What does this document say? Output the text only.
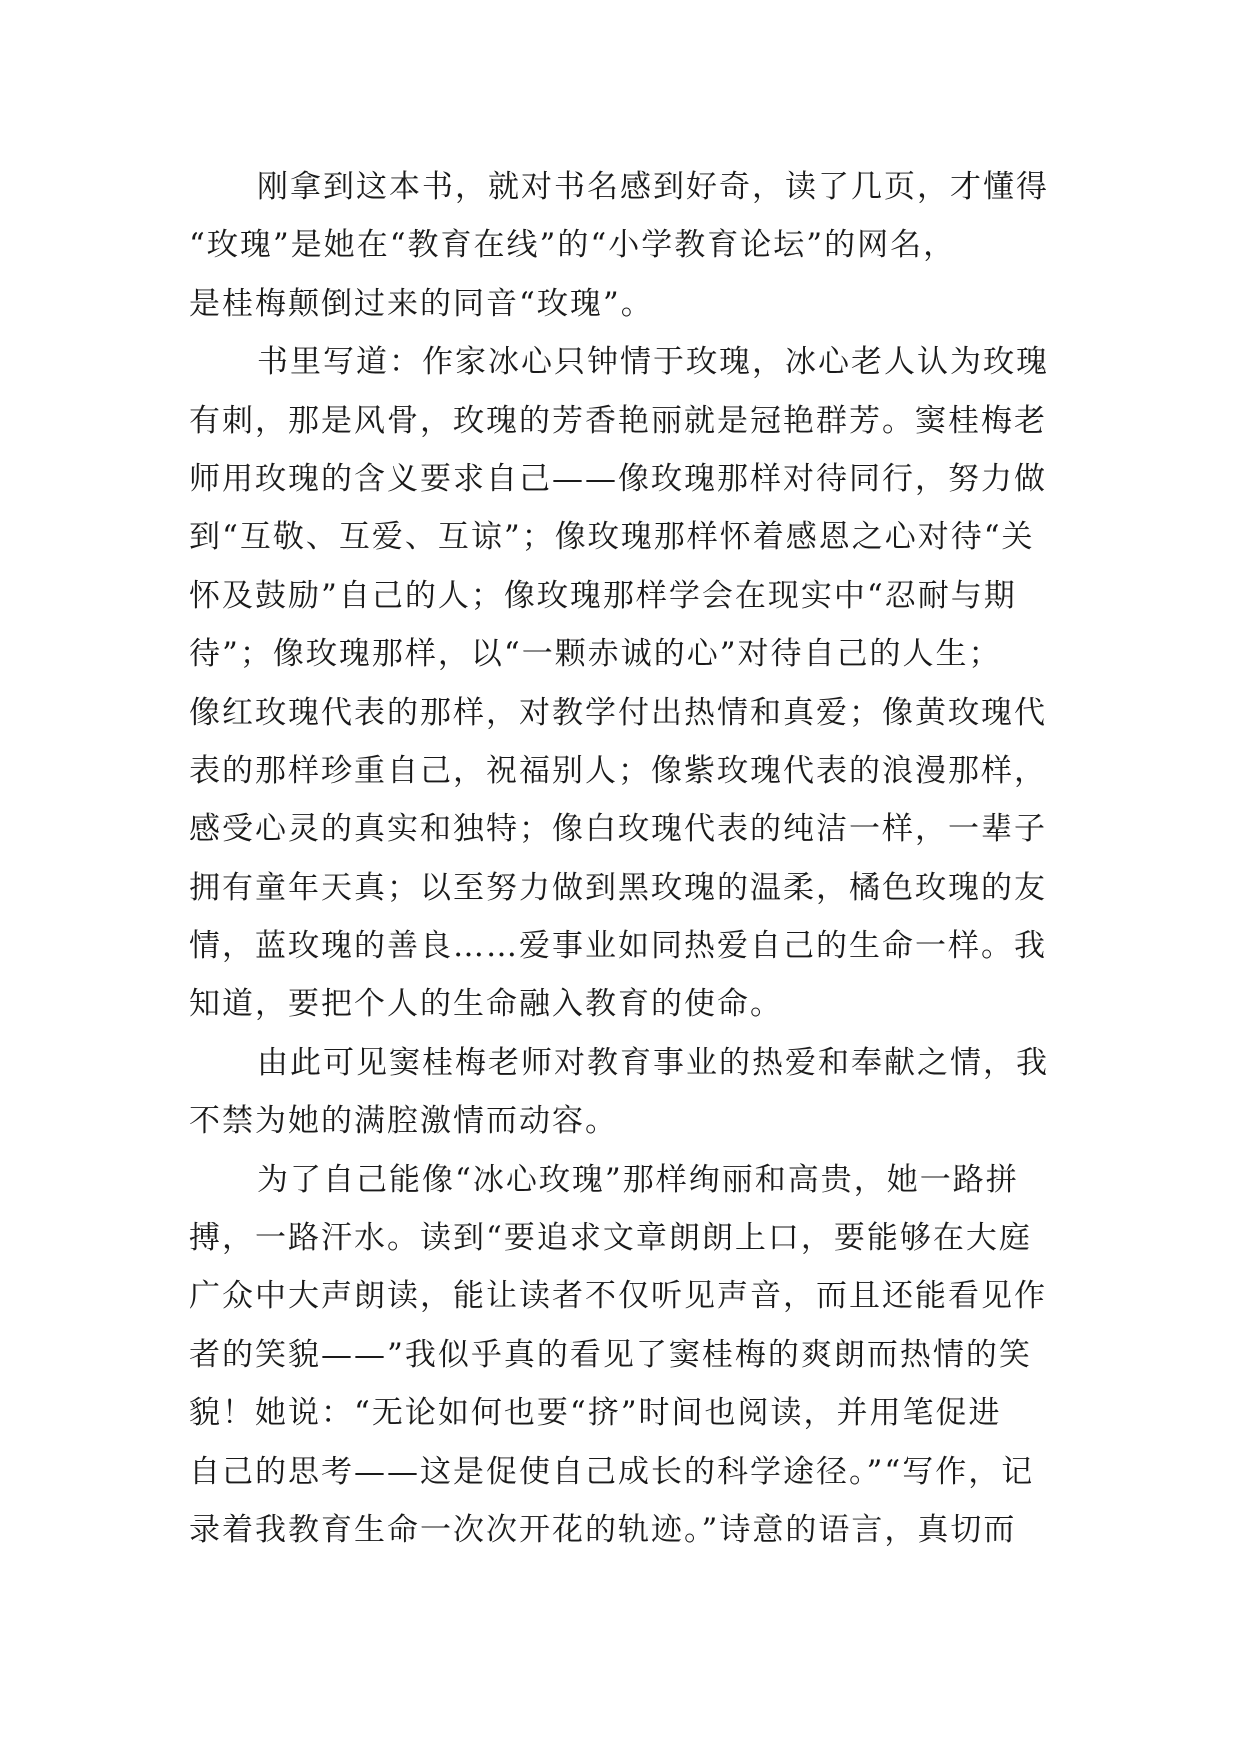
刚拿到这本书，就对书名感到好奇，读了几页，才懂得
“玫瑰”是她在“教育在线”的“小学教育论坛”的网名，
是桂梅颠倒过来的同音“玫瑰”。
书里写道：作家冰心只钟情于玫瑰，冰心老人认为玫瑰
有刺，那是风骨，玫瑰的芳香艳丽就是冠艳群芳。窦桂梅老
师用玫瑰的含义要求自己——像玫瑰那样对待同行，努力做
到“互敬、互爱、互谅”；像玫瑰那样怀着感恩之心对待“关
怀及鼓励”自己的人；像玫瑰那样学会在现实中“忍耐与期
待”；像玫瑰那样，以“一颗赤诚的心”对待自己的人生；
像红玫瑰代表的那样，对教学付出热情和真爱；像黄玫瑰代
表的那样珍重自己，祝福别人；像紫玫瑰代表的浪漫那样，
感受心灵的真实和独特；像白玫瑰代表的纯洁一样，一辈子
拥有童年天真；以至努力做到黑玫瑰的温柔，橘色玫瑰的友
情，蓝玫瑰的善良……爱事业如同热爱自己的生命一样。我
知道，要把个人的生命融入教育的使命。
由此可见窦桂梅老师对教育事业的热爱和奉献之情，我
不禁为她的满腔激情而动容。
为了自己能像“冰心玫瑰”那样绚丽和高贵，她一路拼
搏，一路汗水。读到“要追求文章朗朗上口，要能够在大庭
广众中大声朗读，能让读者不仅听见声音，而且还能看见作
者的笑貌——”我似乎真的看见了窦桂梅的爽朗而热情的笑
貌！她说：“无论如何也要“挤”时间也阅读，并用笔促进
自己的思考——这是促使自己成长的科学途径。”“写作，记
录着我教育生命一次次开花的轨迹。”诗意的语言，真切而
